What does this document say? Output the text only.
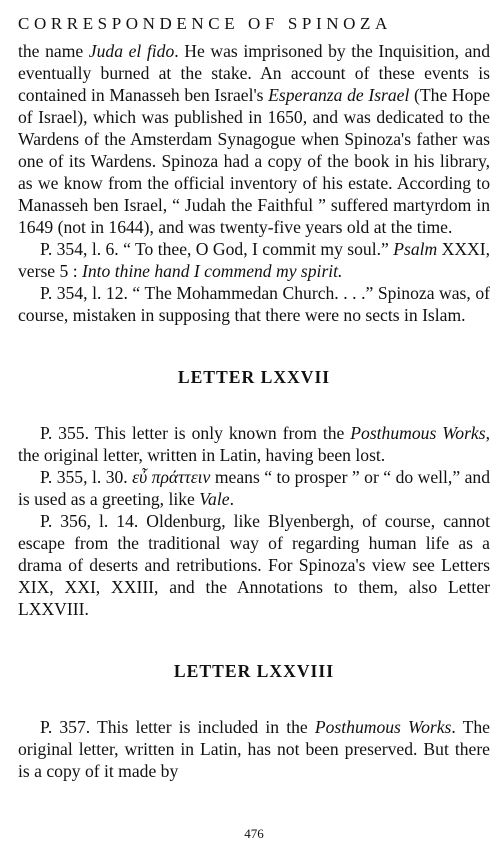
CORRESPONDENCE OF SPINOZA

the name Juda el fido. He was imprisoned by the Inquisition, and eventually burned at the stake. An account of these events is contained in Manasseh ben Israel's Esperanza de Israel (The Hope of Israel), which was published in 1650, and was dedicated to the Wardens of the Amsterdam Synagogue when Spinoza's father was one of its Wardens. Spinoza had a copy of the book in his library, as we know from the official inventory of his estate. According to Manasseh ben Israel, “ Judah the Faithful ” suffered martyrdom in 1649 (not in 1644), and was twenty-five years old at the time.

P. 354, l. 6. “ To thee, O God, I commit my soul.” Psalm XXXI, verse 5 : Into thine hand I commend my spirit.

P. 354, l. 12. “ The Mohammedan Church. . . .” Spinoza was, of course, mistaken in supposing that there were no sects in Islam.

LETTER LXXVII

P. 355. This letter is only known from the Posthumous Works, the original letter, written in Latin, having been lost.

P. 355, l. 30. εὖ πράττειν means “ to prosper ” or “ do well,” and is used as a greeting, like Vale.

P. 356, l. 14. Oldenburg, like Blyenbergh, of course, cannot escape from the traditional way of regarding human life as a drama of deserts and retributions. For Spinoza's view see Letters XIX, XXI, XXIII, and the Annotations to them, also Letter LXXVIII.

LETTER LXXVIII

P. 357. This letter is included in the Posthumous Works. The original letter, written in Latin, has not been preserved. But there is a copy of it made by

476
